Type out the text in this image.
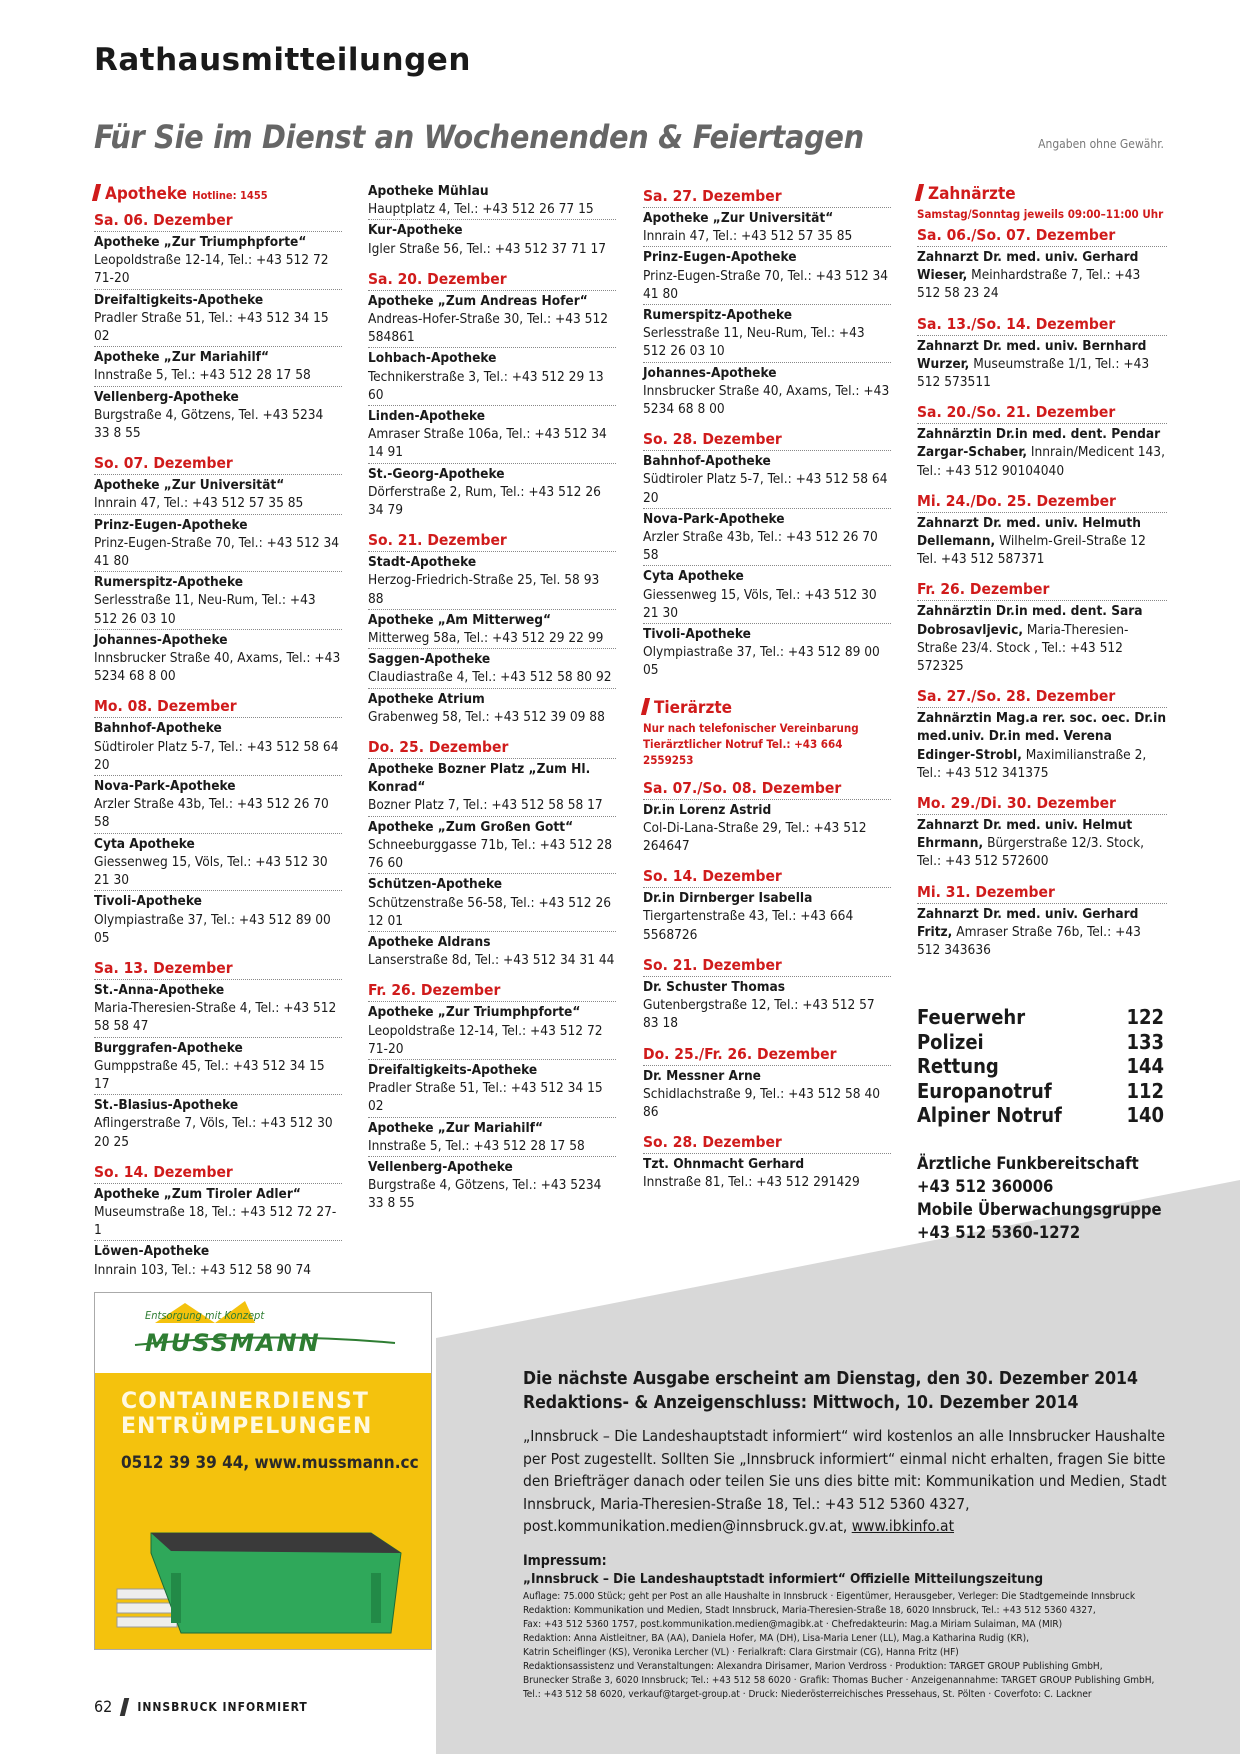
Rathausmitteilungen
Für Sie im Dienst an Wochenenden & Feiertagen	Angaben ohne Gewähr.
Apotheke Hotline: 1455
Sa. 06. Dezember
Apotheke „Zur Triumphpforte“
Leopoldstraße 12-14, Tel.: +43 512 72 71-20
Dreifaltigkeits-Apotheke
Pradler Straße 51, Tel.: +43 512 34 15 02
Apotheke „Zur Mariahilf“
Innstraße 5, Tel.: +43 512 28 17 58
Vellenberg-Apotheke
Burgstraße 4, Götzens, Tel. +43 5234 33 8 55
So. 07. Dezember
Apotheke „Zur Universität“
Innrain 47, Tel.: +43 512 57 35 85
Prinz-Eugen-Apotheke
Prinz-Eugen-Straße 70, Tel.: +43 512 34 41 80
Rumerspitz-Apotheke
Serlesstraße 11, Neu-Rum, Tel.: +43 512 26 03 10
Johannes-Apotheke
Innsbrucker Straße 40, Axams, Tel.: +43 5234 68 8 00
Mo. 08. Dezember
Bahnhof-Apotheke
Südtiroler Platz 5-7, Tel.: +43 512 58 64 20
Nova-Park-Apotheke
Arzler Straße 43b, Tel.: +43 512 26 70 58
Cyta Apotheke
Giessenweg 15, Völs, Tel.: +43 512 30 21 30
Tivoli-Apotheke
Olympiastraße 37, Tel.: +43 512 89 00 05
Sa. 13. Dezember
St.-Anna-Apotheke
Maria-Theresien-Straße 4, Tel.: +43 512 58 58 47
Burggrafen-Apotheke
Gumppstraße 45, Tel.: +43 512 34 15 17
St.-Blasius-Apotheke
Aflingerstraße 7, Völs, Tel.: +43 512 30 20 25
So. 14. Dezember
Apotheke „Zum Tiroler Adler“
Museumstraße 18, Tel.: +43 512 72 27-1
Löwen-Apotheke
Innrain 103, Tel.: +43 512 58 90 74
Apotheke Mühlau
Hauptplatz 4, Tel.: +43 512 26 77 15
Kur-Apotheke
Igler Straße 56, Tel.: +43 512 37 71 17
Sa. 20. Dezember
Apotheke „Zum Andreas Hofer“
Andreas-Hofer-Straße 30, Tel.: +43 512 584861
Lohbach-Apotheke
Technikerstraße 3, Tel.: +43 512 29 13 60
Linden-Apotheke
Amraser Straße 106a, Tel.: +43 512 34 14 91
St.-Georg-Apotheke
Dörferstraße 2, Rum, Tel.: +43 512 26 34 79
So. 21. Dezember
Stadt-Apotheke
Herzog-Friedrich-Straße 25, Tel. 58 93 88
Apotheke „Am Mitterweg“
Mitterweg 58a, Tel.: +43 512 29 22 99
Saggen-Apotheke
Claudiastraße 4, Tel.: +43 512 58 80 92
Apotheke Atrium
Grabenweg 58, Tel.: +43 512 39 09 88
Do. 25. Dezember
Apotheke Bozner Platz „Zum Hl. Konrad“
Bozner Platz 7, Tel.: +43 512 58 58 17
Apotheke „Zum Großen Gott“
Schneeburggasse 71b, Tel.: +43 512 28 76 60
Schützen-Apotheke
Schützenstraße 56-58, Tel.: +43 512 26 12 01
Apotheke Aldrans
Lanserstraße 8d, Tel.: +43 512 34 31 44
Fr. 26. Dezember
Apotheke „Zur Triumphpforte“
Leopoldstraße 12-14, Tel.: +43 512 72 71-20
Dreifaltigkeits-Apotheke
Pradler Straße 51, Tel.: +43 512 34 15 02
Apotheke „Zur Mariahilf“
Innstraße 5, Tel.: +43 512 28 17 58
Vellenberg-Apotheke
Burgstraße 4, Götzens, Tel.: +43 5234 33 8 55
Sa. 27. Dezember
Apotheke „Zur Universität“
Innrain 47, Tel.: +43 512 57 35 85
Prinz-Eugen-Apotheke
Prinz-Eugen-Straße 70, Tel.: +43 512 34 41 80
Rumerspitz-Apotheke
Serlesstraße 11, Neu-Rum, Tel.: +43 512 26 03 10
Johannes-Apotheke
Innsbrucker Straße 40, Axams, Tel.: +43 5234 68 8 00
So. 28. Dezember
Bahnhof-Apotheke
Südtiroler Platz 5-7, Tel.: +43 512 58 64 20
Nova-Park-Apotheke
Arzler Straße 43b, Tel.: +43 512 26 70 58
Cyta Apotheke
Giessenweg 15, Völs, Tel.: +43 512 30 21 30
Tivoli-Apotheke
Olympiastraße 37, Tel.: +43 512 89 00 05
Tierärzte
Nur nach telefonischer Vereinbarung
Tierärztlicher Notruf Tel.: +43 664 2559253
Sa. 07./So. 08. Dezember
Dr.in Lorenz Astrid
Col-Di-Lana-Straße 29, Tel.: +43 512 264647
So. 14. Dezember
Dr.in Dirnberger Isabella
Tiergartenstraße 43, Tel.: +43 664 5568726
So. 21. Dezember
Dr. Schuster Thomas
Gutenbergstraße 12, Tel.: +43 512 57 83 18
Do. 25./Fr. 26. Dezember
Dr. Messner Arne
Schidlachstraße 9, Tel.: +43 512 58 40 86
So. 28. Dezember
Tzt. Ohnmacht Gerhard
Innstraße 81, Tel.: +43 512 291429
Zahnärzte
Samstag/Sonntag jeweils 09:00–11:00 Uhr
Sa. 06./So. 07. Dezember
Zahnarzt Dr. med. univ. Gerhard Wieser, Meinhardstraße 7, Tel.: +43 512 58 23 24
Sa. 13./So. 14. Dezember
Zahnarzt Dr. med. univ. Bernhard Wurzer, Museumstraße 1/1, Tel.: +43 512 573511
Sa. 20./So. 21. Dezember
Zahnärztin Dr.in med. dent. Pendar Zargar-Schaber, Innrain/Medicent 143, Tel.: +43 512 90104040
Mi. 24./Do. 25. Dezember
Zahnarzt Dr. med. univ. Helmuth Dellemann, Wilhelm-Greil-Straße 12 Tel. +43 512 587371
Fr. 26. Dezember
Zahnärztin Dr.in med. dent. Sara Dobrosavljevic, Maria-Theresien-Straße 23/4. Stock , Tel.: +43 512 572325
Sa. 27./So. 28. Dezember
Zahnärztin Mag.a rer. soc. oec. Dr.in med.univ. Dr.in med. Verena Edinger-Strobl, Maximilianstraße 2, Tel.: +43 512 341375
Mo. 29./Di. 30. Dezember
Zahnarzt Dr. med. univ. Helmut Ehrmann, Bürgerstraße 12/3. Stock, Tel.: +43 512 572600
Mi. 31. Dezember
Zahnarzt Dr. med. univ. Gerhard Fritz, Amraser Straße 76b, Tel.: +43 512 343636
Feuerwehr	122
Polizei	133
Rettung	144
Europanotruf	112
Alpiner Notruf	140
Ärztliche Funkbereitschaft
+43 512 360006
Mobile Überwachungsgruppe
+43 512 5360-1272
Entsorgung mit Konzept
MUSSMANN
CONTAINERDIENST
ENTRÜMPELUNGEN
0512 39 39 44, www.mussmann.cc
Die nächste Ausgabe erscheint am Dienstag, den 30. Dezember 2014
Redaktions- & Anzeigenschluss: Mittwoch, 10. Dezember 2014
„Innsbruck – Die Landeshauptstadt informiert“ wird kostenlos an alle Innsbrucker Haushalte per Post zugestellt. Sollten Sie „Innsbruck informiert“ einmal nicht erhalten, fragen Sie bitte den Briefträger danach oder teilen Sie uns dies bitte mit: Kommunikation und Medien, Stadt Innsbruck, Maria-Theresien-Straße 18, Tel.: +43 512 5360 4327, post.kommunikation.medien@innsbruck.gv.at, www.ibkinfo.at
Impressum:
„Innsbruck – Die Landeshauptstadt informiert“ Offizielle Mitteilungszeitung
Auflage: 75.000 Stück; geht per Post an alle Haushalte in Innsbruck · Eigentümer, Herausgeber, Verleger: Die Stadtgemeinde Innsbruck
Redaktion: Kommunikation und Medien, Stadt Innsbruck, Maria-Theresien-Straße 18, 6020 Innsbruck, Tel.: +43 512 5360 4327,
Fax: +43 512 5360 1757, post.kommunikation.medien@magibk.at · Chefredakteurin: Mag.a Miriam Sulaiman, MA (MIR)
Redaktion: Anna Aistleitner, BA (AA), Daniela Hofer, MA (DH), Lisa-Maria Lener (LL), Mag.a Katharina Rudig (KR),
Katrin Scheiflinger (KS), Veronika Lercher (VL) · Ferialkraft: Clara Girstmair (CG), Hanna Fritz (HF)
Redaktionsassistenz und Veranstaltungen: Alexandra Dirisamer, Marion Verdross · Produktion: TARGET GROUP Publishing GmbH,
Brunecker Straße 3, 6020 Innsbruck; Tel.: +43 512 58 6020 · Grafik: Thomas Bucher · Anzeigenannahme: TARGET GROUP Publishing GmbH,
Tel.: +43 512 58 6020, verkauf@target-group.at · Druck: Niederösterreichisches Pressehaus, St. Pölten · Coverfoto: C. Lackner
62 INNSBRUCK INFORMIERT
